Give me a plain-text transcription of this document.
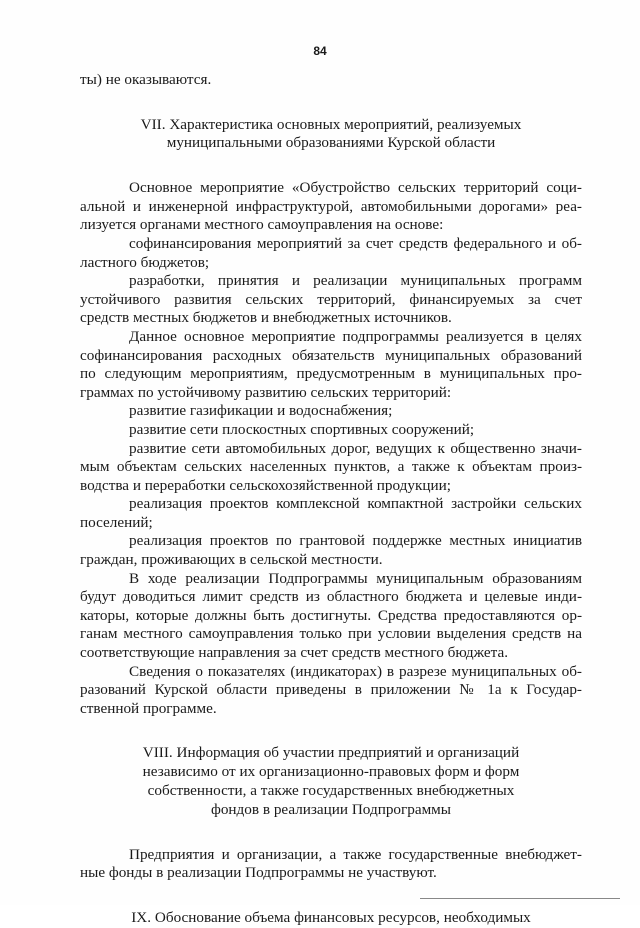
84
ты) не оказываются.
VII. Характеристика основных мероприятий, реализуемых
муниципальными образованиями Курской области
Основное мероприятие «Обустройство сельских территорий соци-
альной и инженерной инфраструктурой, автомобильными дорогами» реа-
лизуется органами местного самоуправления на основе:
софинансирования мероприятий за счет средств федерального и об-
ластного бюджетов;
разработки, принятия и реализации муниципальных программ
устойчивого развития сельских территорий, финансируемых за счет
средств местных бюджетов и внебюджетных источников.
Данное основное мероприятие подпрограммы реализуется в целях
софинансирования расходных обязательств муниципальных образований
по следующим мероприятиям, предусмотренным в муниципальных про-
граммах по устойчивому развитию сельских территорий:
развитие газификации и водоснабжения;
развитие сети плоскостных спортивных сооружений;
развитие сети автомобильных дорог, ведущих к общественно значи-
мым объектам сельских населенных пунктов, а также к объектам произ-
водства и переработки сельскохозяйственной продукции;
реализация проектов комплексной компактной застройки сельских
поселений;
реализация проектов по грантовой поддержке местных инициатив
граждан, проживающих в сельской местности.
В ходе реализации Подпрограммы муниципальным образованиям
будут доводиться лимит средств из областного бюджета и целевые инди-
каторы, которые должны быть достигнуты. Средства предоставляются ор-
ганам местного самоуправления только при условии выделения средств на
соответствующие направления за счет средств местного бюджета.
Сведения о показателях (индикаторах) в разрезе муниципальных об-
разований Курской области приведены в приложении № 1а к Государ-
ственной программе.
VIII. Информация об участии предприятий и организаций
независимо от их организационно-правовых форм и форм
собственности, а также государственных внебюджетных
фондов в реализации Подпрограммы
Предприятия и организации, а также государственные внебюджет-
ные фонды в реализации Подпрограммы не участвуют.
IX. Обоснование объема финансовых ресурсов, необходимых
